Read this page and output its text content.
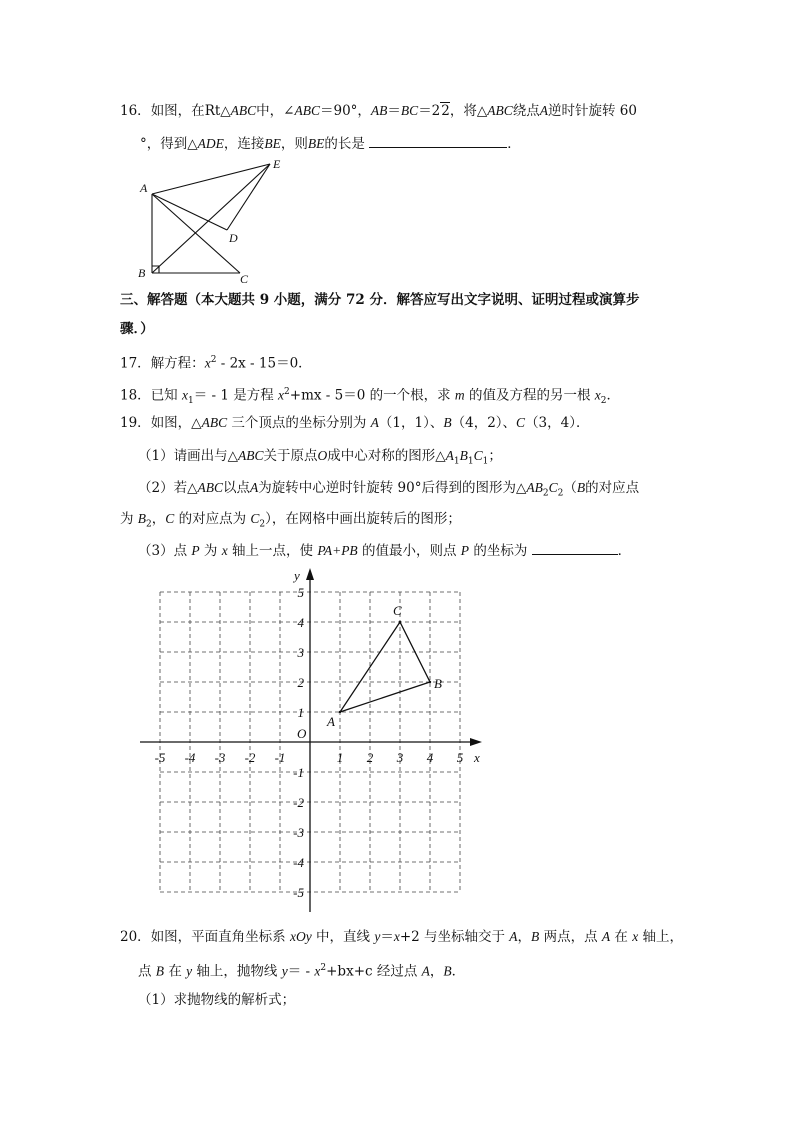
16．如图，在Rt△ABC中，∠ABC＝90°，AB＝BC＝22，将△ABC绕点A逆时针旋转 60
°，得到△ADE，连接BE，则BE的长是	．
A
B	C
D
E
三、解答题（本大题共 9 小题，满分 72 分．解答应写出文字说明、证明过程或演算步
骤．）
17．解方程：$x^2 - 2x - 15=0$．
18．已知 $x_1= - 1$ 是方程 $x^2+mx - 5=0$ 的一个根，求 m 的值及方程的另一根 $x_2$．
19．如图，△ABC 三个顶点的坐标分别为 A（1，1）、B（4，2）、C（3，4）．
（1）请画出与△ABC关于原点O成中心对称的图形$\triangle A_1B_1C_1$；
（2）若△ABC以点A为旋转中心逆时针旋转 90°后得到的图形为$\triangle AB_2C_2(B$的对应点
为 $B_2$，C 的对应点为 $C_2$），在网格中画出旋转后的图形；
（3）点 P 为 x 轴上一点，使 PA+PB 的值最小，则点 P 的坐标为	．
x
y
O
-5 -4 -3 -2 -1	1 2 3 4 5
5
4
3
2
1
-1
-2
-3
-4
-5
A
B
C
20．如图，平面直角坐标系 xOy 中，直线 y＝x+2 与坐标轴交于 A，B 两点，点 A 在 x 轴上，
点 B 在 y 轴上，抛物线 $y= - x^2+bx+c$ 经过点 A，B．
（1）求抛物线的解析式；
